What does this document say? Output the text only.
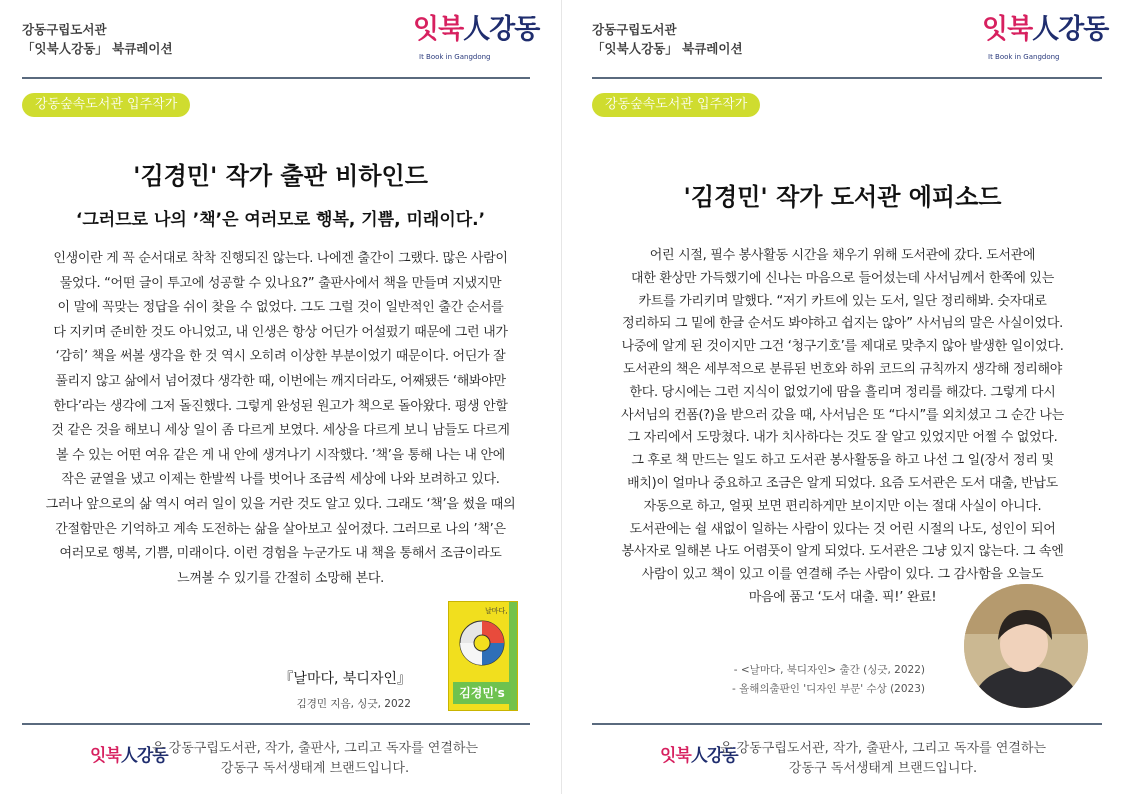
강동구립도서관
「잇북人강동」 북큐레이션
잇북人강동
It Book in Gangdong
강동숲속도서관 입주작가
'김경민' 작가 출판 비하인드
‘그러므로 나의 ’책’은 여러모로 행복, 기쁨, 미래이다.’
인생이란 게 꼭 순서대로 착착 진행되진 않는다. 나에겐 출간이 그랬다. 많은 사람이
물었다. “어떤 글이 투고에 성공할 수 있나요?” 출판사에서 책을 만들며 지냈지만
이 말에 꼭맞는 정답을 쉬이 찾을 수 없었다. 그도 그럴 것이 일반적인 출간 순서를
다 지키며 준비한 것도 아니었고, 내 인생은 항상 어딘가 어설펐기 때문에 그런 내가
‘감히’ 책을 써볼 생각을 한 것 역시 오히려 이상한 부분이었기 때문이다. 어딘가 잘
풀리지 않고 삶에서 넘어졌다 생각한 때, 이번에는 깨지더라도, 어째됐든 ‘해봐야만
한다’라는 생각에 그저 돌진했다. 그렇게 완성된 원고가 책으로 돌아왔다. 평생 안할
것 같은 것을 해보니 세상 일이 좀 다르게 보였다. 세상을 다르게 보니 남들도 다르게
볼 수 있는 어떤 여유 같은 게 내 안에 생겨나기 시작했다. ’책’을 통해 나는 내 안에
작은 균열을 냈고 이제는 한발씩 나를 벗어나 조금씩 세상에 나와 보려하고 있다.
그러나 앞으로의 삶 역시 여러 일이 있을 거란 것도 알고 있다. 그래도 ‘책’을 썼을 때의
간절함만은 기억하고 계속 도전하는 삶을 살아보고 싶어졌다. 그러므로 나의 ’책’은
여러모로 행복, 기쁨, 미래이다. 이런 경험을 누군가도 내 책을 통해서 조금이라도
느껴볼 수 있기를 간절히 소망해 본다.
『날마다, 북디자인』
김경민 지음, 싱긋, 2022
날마다,
김경민's
잇북人강동
은 강동구립도서관, 작가, 출판사, 그리고 독자를 연결하는
강동구 독서생태계 브랜드입니다.
강동구립도서관
「잇북人강동」 북큐레이션
잇북人강동
It Book in Gangdong
강동숲속도서관 입주작가
'김경민' 작가 도서관 에피소드
어린 시절, 필수 봉사활동 시간을 채우기 위해 도서관에 갔다. 도서관에
대한 환상만 가득했기에 신나는 마음으로 들어섰는데 사서님께서 한쪽에 있는
카트를 가리키며 말했다. “저기 카트에 있는 도서, 일단 정리해봐. 숫자대로
정리하되 그 밑에 한글 순서도 봐야하고 쉽지는 않아” 사서님의 말은 사실이었다.
나중에 알게 된 것이지만 그건 ‘청구기호’를 제대로 맞추지 않아 발생한 일이었다.
도서관의 책은 세부적으로 분류된 번호와 하위 코드의 규칙까지 생각해 정리해야
한다. 당시에는 그런 지식이 없었기에 땀을 흘리며 정리를 해갔다. 그렇게 다시
사서님의 컨폼(?)을 받으러 갔을 때, 사서님은 또 “다시”를 외치셨고 그 순간 나는
그 자리에서 도망쳤다. 내가 치사하다는 것도 잘 알고 있었지만 어쩔 수 없었다.
그 후로 책 만드는 일도 하고 도서관 봉사활동을 하고 나선 그 일(장서 정리 및
배치)이 얼마나 중요하고 조금은 알게 되었다. 요즘 도서관은 도서 대출, 반납도
자동으로 하고, 얼핏 보면 편리하게만 보이지만 이는 절대 사실이 아니다.
도서관에는 쉴 새없이 일하는 사람이 있다는 것 어린 시절의 나도, 성인이 되어
봉사자로 일해본 나도 어렴풋이 알게 되었다. 도서관은 그냥 있지 않는다. 그 속엔
사람이 있고 책이 있고 이를 연결해 주는 사람이 있다. 그 감사함을 오늘도
마음에 품고 ‘도서 대출. 픽!’ 완료!
- <날마다, 북디자인> 출간 (싱긋, 2022)
- 올해의출판인 '디자인 부문' 수상 (2023)
잇북人강동
은 강동구립도서관, 작가, 출판사, 그리고 독자를 연결하는
강동구 독서생태계 브랜드입니다.
